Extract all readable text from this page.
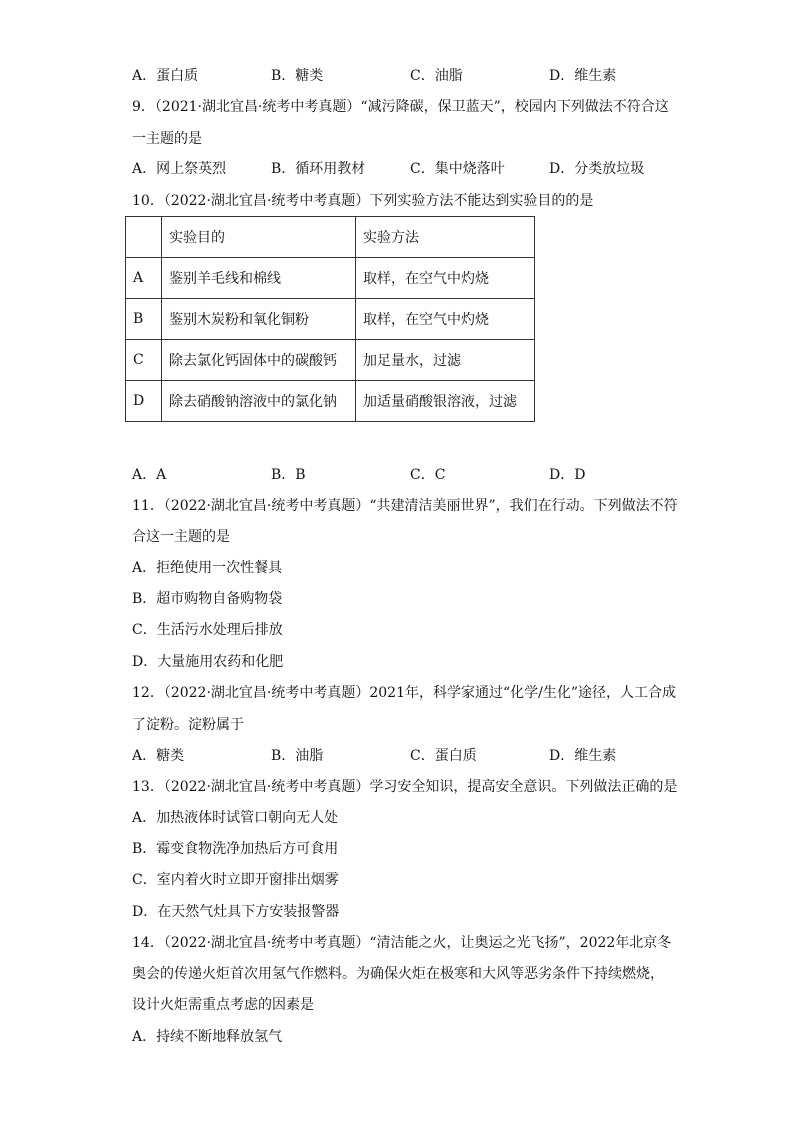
A．蛋白质	B．糖类	C．油脂	D．维生素
9．（2021·湖北宜昌·统考中考真题）“减污降碳，保卫蓝天”，校园内下列做法不符合这
一主题的是
A．网上祭英烈	B．循环用教材	C．集中烧落叶	D．分类放垃圾
10．（2022·湖北宜昌·统考中考真题）下列实验方法不能达到实验目的的是
	实验目的	实验方法
A	鉴别羊毛线和棉线	取样，在空气中灼烧
B	鉴别木炭粉和氧化铜粉	取样，在空气中灼烧
C	除去氯化钙固体中的碳酸钙	加足量水，过滤
D	除去硝酸钠溶液中的氯化钠	加适量硝酸银溶液，过滤
A．A	B．B	C．C	D．D
11．（2022·湖北宜昌·统考中考真题）“共建清洁美丽世界”，我们在行动。下列做法不符
合这一主题的是
A．拒绝使用一次性餐具
B．超市购物自备购物袋
C．生活污水处理后排放
D．大量施用农药和化肥
12．（2022·湖北宜昌·统考中考真题）2021年，科学家通过“化学/生化”途径，人工合成
了淀粉。淀粉属于
A．糖类	B．油脂	C．蛋白质	D．维生素
13．（2022·湖北宜昌·统考中考真题）学习安全知识，提高安全意识。下列做法正确的是
A．加热液体时试管口朝向无人处
B．霉变食物洗净加热后方可食用
C．室内着火时立即开窗排出烟雾
D．在天然气灶具下方安装报警器
14．（2022·湖北宜昌·统考中考真题）“清洁能之火，让奥运之光飞扬”，2022年北京冬
奥会的传递火炬首次用氢气作燃料。为确保火炬在极寒和大风等恶劣条件下持续燃烧，
设计火炬需重点考虑的因素是
A．持续不断地释放氢气
